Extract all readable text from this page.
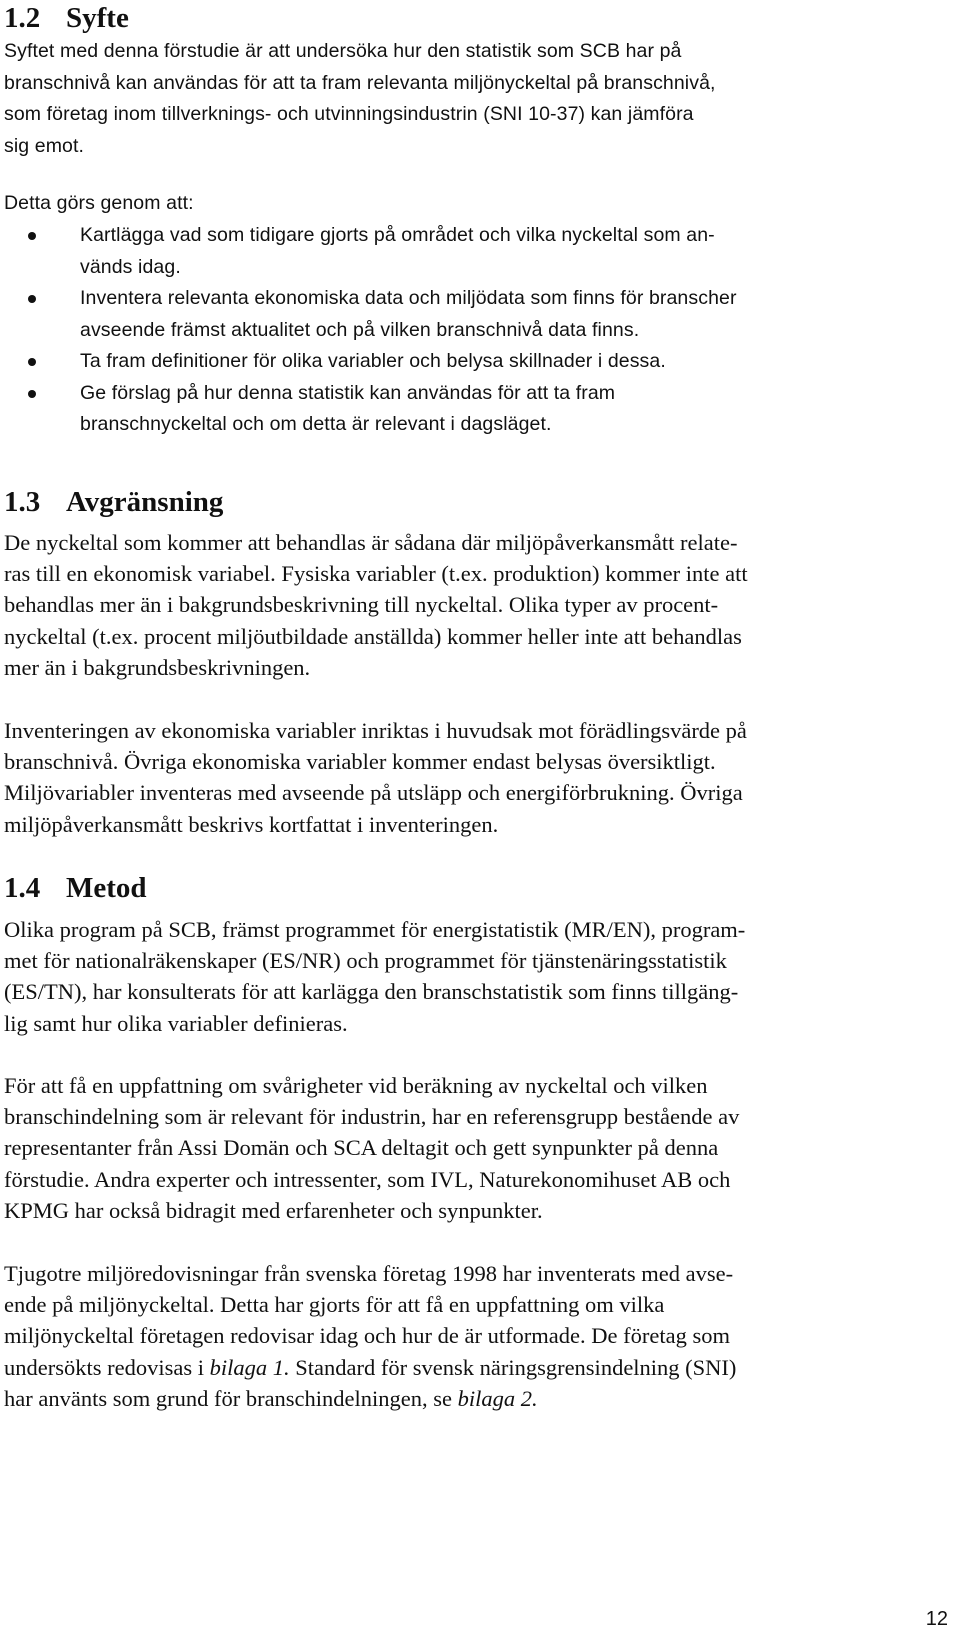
1.2 Syfte
Syftet med denna förstudie är att undersöka hur den statistik som SCB har på
branschnivå kan användas för att ta fram relevanta miljönyckeltal på branschnivå,
som företag inom tillverknings- och utvinningsindustrin (SNI 10-37) kan jämföra
sig emot.
Detta görs genom att:
Kartlägga vad som tidigare gjorts på området och vilka nyckeltal som an-
vänds idag.
Inventera relevanta ekonomiska data och miljödata som finns för branscher
avseende främst aktualitet och på vilken branschnivå data finns.
Ta fram definitioner för olika variabler och belysa skillnader i dessa.
Ge förslag på hur denna statistik kan användas för att ta fram
branschnyckeltal och om detta är relevant i dagsläget.
1.3 Avgränsning
De nyckeltal som kommer att behandlas är sådana där miljöpåverkansmått relate-
ras till en ekonomisk variabel. Fysiska variabler (t.ex. produktion) kommer inte att
behandlas mer än i bakgrundsbeskrivning till nyckeltal. Olika typer av procent-
nyckeltal (t.ex. procent miljöutbildade anställda) kommer heller inte att behandlas
mer än i bakgrundsbeskrivningen.
Inventeringen av ekonomiska variabler inriktas i huvudsak mot förädlingsvärde på
branschnivå. Övriga ekonomiska variabler kommer endast belysas översiktligt.
Miljövariabler inventeras med avseende på utsläpp och energiförbrukning. Övriga
miljöpåverkansmått beskrivs kortfattat i inventeringen.
1.4 Metod
Olika program på SCB, främst programmet för energistatistik (MR/EN), program-
met för nationalräkenskaper (ES/NR) och programmet för tjänstenäringsstatistik
(ES/TN), har konsulterats för att karlägga den branschstatistik som finns tillgäng-
lig samt hur olika variabler definieras.
För att få en uppfattning om svårigheter vid beräkning av nyckeltal och vilken
branschindelning som är relevant för industrin, har en referensgrupp bestående av
representanter från Assi Domän och SCA deltagit och gett synpunkter på denna
förstudie. Andra experter och intressenter, som IVL, Naturekonomihuset AB och
KPMG har också bidragit med erfarenheter och synpunkter.
Tjugotre miljöredovisningar från svenska företag 1998 har inventerats med avse-
ende på miljönyckeltal. Detta har gjorts för att få en uppfattning om vilka
miljönyckeltal företagen redovisar idag och hur de är utformade. De företag som
undersökts redovisas i bilaga 1. Standard för svensk näringsgrensindelning (SNI)
har använts som grund för branschindelningen, se bilaga 2.
12
